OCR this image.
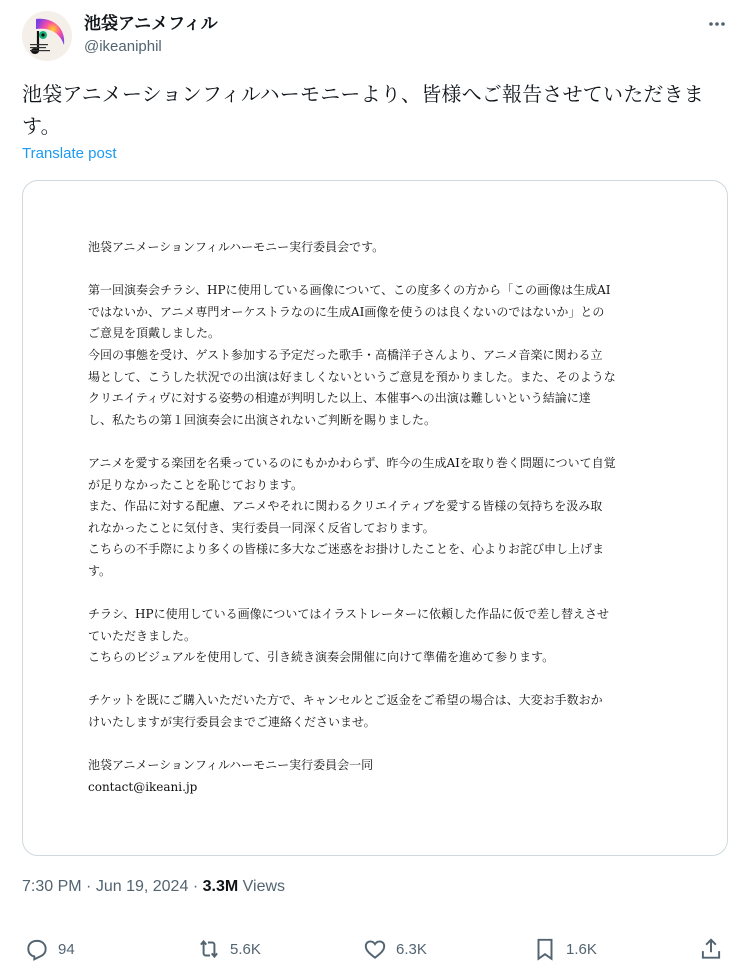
池袋アニメフィル
@ikeaniphil
池袋アニメーションフィルハーモニーより、皆様へご報告させていただきます。
Translate post

池袋アニメーションフィルハーモニー実行委員会です。

第一回演奏会チラシ、HPに使用している画像について、この度多くの方から「この画像は生成AI
ではないか、アニメ専門オーケストラなのに生成AI画像を使うのは良くないのではないか」との
ご意見を頂戴しました。
今回の事態を受け、ゲスト参加する予定だった歌手・高橋洋子さんより、アニメ音楽に関わる立
場として、こうした状況での出演は好ましくないというご意見を預かりました。また、そのような
クリエイティヴに対する姿勢の相違が判明した以上、本催事への出演は難しいという結論に達
し、私たちの第１回演奏会に出演されないご判断を賜りました。

アニメを愛する楽団を名乗っているのにもかかわらず、昨今の生成AIを取り巻く問題について自覚
が足りなかったことを恥じております。
また、作品に対する配慮、アニメやそれに関わるクリエイティブを愛する皆様の気持ちを汲み取
れなかったことに気付き、実行委員一同深く反省しております。
こちらの不手際により多くの皆様に多大なご迷惑をお掛けしたことを、心よりお詫び申し上げま
す。

チラシ、HPに使用している画像についてはイラストレーターに依頼した作品に仮で差し替えさせ
ていただきました。
こちらのビジュアルを使用して、引き続き演奏会開催に向けて準備を進めて参ります。

チケットを既にご購入いただいた方で、キャンセルとご返金をご希望の場合は、大変お手数おか
けいたしますが実行委員会までご連絡くださいませ。

池袋アニメーションフィルハーモニー実行委員会一同
contact@ikeani.jp

7:30 PM · Jun 19, 2024 · 3.3M Views
94	5.6K	6.3K	1.6K
